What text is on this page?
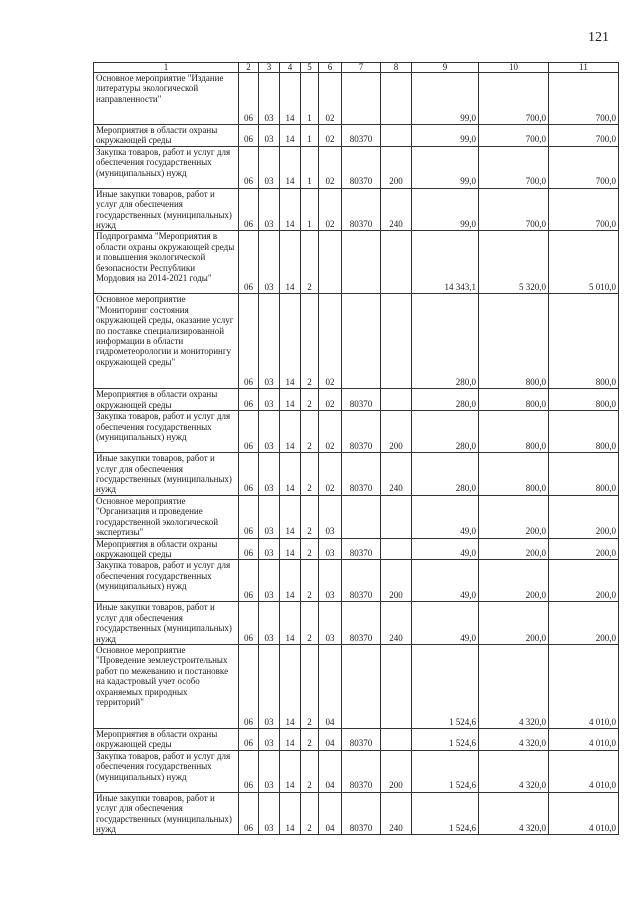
121
1	2	3	4	5	6	7	8	9	10	11
Основное мероприятие "Издание литературы экологической направленности"	06	03	14	1	02			99,0	700,0	700,0
Мероприятия в области охраны окружающей среды	06	03	14	1	02	80370		99,0	700,0	700,0
Закупка товаров, работ и услуг для обеспечения государственных (муниципальных) нужд	06	03	14	1	02	80370	200	99,0	700,0	700,0
Иные закупки товаров, работ и услуг для обеспечения государственных (муниципальных) нужд	06	03	14	1	02	80370	240	99,0	700,0	700,0
Подпрограмма "Мероприятия в области охраны окружающей среды и повышения экологической безопасности Республики Мордовия на 2014-2021 годы"	06	03	14	2				14 343,1	5 320,0	5 010,0
Основное мероприятие "Мониторинг состояния окружающей среды, оказание услуг по поставке специализированной информации в области гидрометеорологии и мониторингу окружающей среды"	06	03	14	2	02			280,0	800,0	800,0
Мероприятия в области охраны окружающей среды	06	03	14	2	02	80370		280,0	800,0	800,0
Закупка товаров, работ и услуг для обеспечения государственных (муниципальных) нужд	06	03	14	2	02	80370	200	280,0	800,0	800,0
Иные закупки товаров, работ и услуг для обеспечения государственных (муниципальных) нужд	06	03	14	2	02	80370	240	280,0	800,0	800,0
Основное мероприятие "Организация и проведение государственной экологической экспертизы"	06	03	14	2	03			49,0	200,0	200,0
Мероприятия в области охраны окружающей среды	06	03	14	2	03	80370		49,0	200,0	200,0
Закупка товаров, работ и услуг для обеспечения государственных (муниципальных) нужд	06	03	14	2	03	80370	200	49,0	200,0	200,0
Иные закупки товаров, работ и услуг для обеспечения государственных (муниципальных) нужд	06	03	14	2	03	80370	240	49,0	200,0	200,0
Основное мероприятие "Проведение землеустроительных работ по межеванию и постановке на кадастровый учет особо охраняемых природных территорий"	06	03	14	2	04			1 524,6	4 320,0	4 010,0
Мероприятия в области охраны окружающей среды	06	03	14	2	04	80370		1 524,6	4 320,0	4 010,0
Закупка товаров, работ и услуг для обеспечения государственных (муниципальных) нужд	06	03	14	2	04	80370	200	1 524,6	4 320,0	4 010,0
Иные закупки товаров, работ и услуг для обеспечения государственных (муниципальных) нужд	06	03	14	2	04	80370	240	1 524,6	4 320,0	4 010,0
